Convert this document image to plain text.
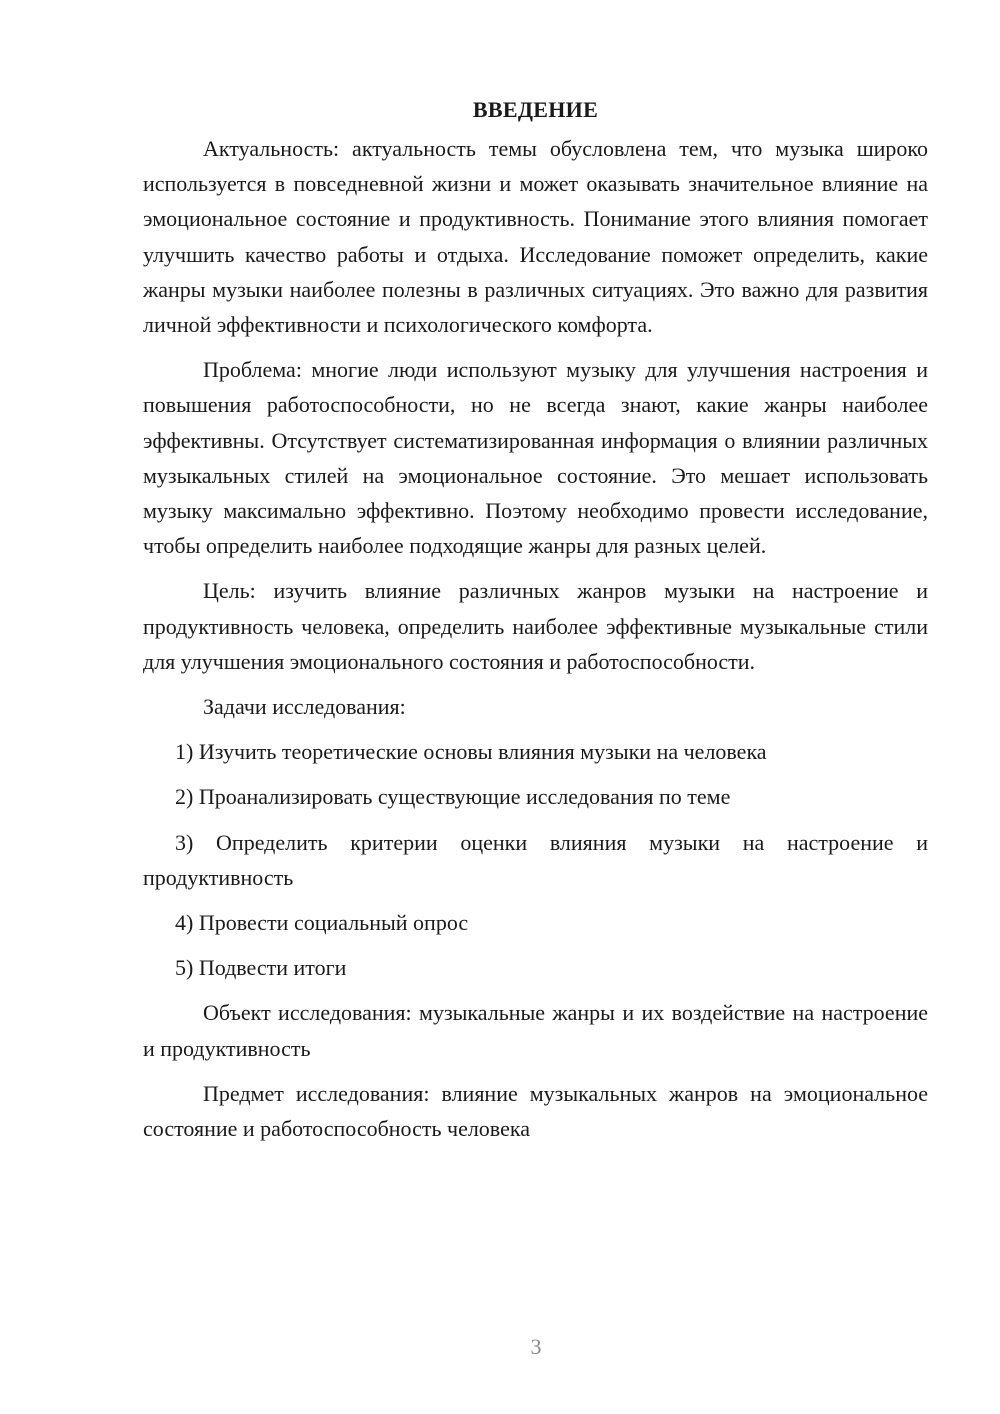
ВВЕДЕНИЕ

Актуальность: актуальность темы обусловлена тем, что музыка широко используется в повседневной жизни и может оказывать значительное влияние на эмоциональное состояние и продуктивность. Понимание этого влияния помогает улучшить качество работы и отдыха. Исследование поможет определить, какие жанры музыки наиболее полезны в различных ситуациях. Это важно для развития личной эффективности и психологического комфорта.

Проблема: многие люди используют музыку для улучшения настроения и повышения работоспособности, но не всегда знают, какие жанры наиболее эффективны. Отсутствует систематизированная информация о влиянии различных музыкальных стилей на эмоциональное состояние. Это мешает использовать музыку максимально эффективно. Поэтому необходимо провести исследование, чтобы определить наиболее подходящие жанры для разных целей.

Цель: изучить влияние различных жанров музыки на настроение и продуктивность человека, определить наиболее эффективные музыкальные стили для улучшения эмоционального состояния и работоспособности.

Задачи исследования:

1) Изучить теоретические основы влияния музыки на человека

2) Проанализировать существующие исследования по теме

3) Определить критерии оценки влияния музыки на настроение и продуктивность

4) Провести социальный опрос

5) Подвести итоги

Объект исследования: музыкальные жанры и их воздействие на настроение и продуктивность

Предмет исследования: влияние музыкальных жанров на эмоциональное состояние и работоспособность человека

3
